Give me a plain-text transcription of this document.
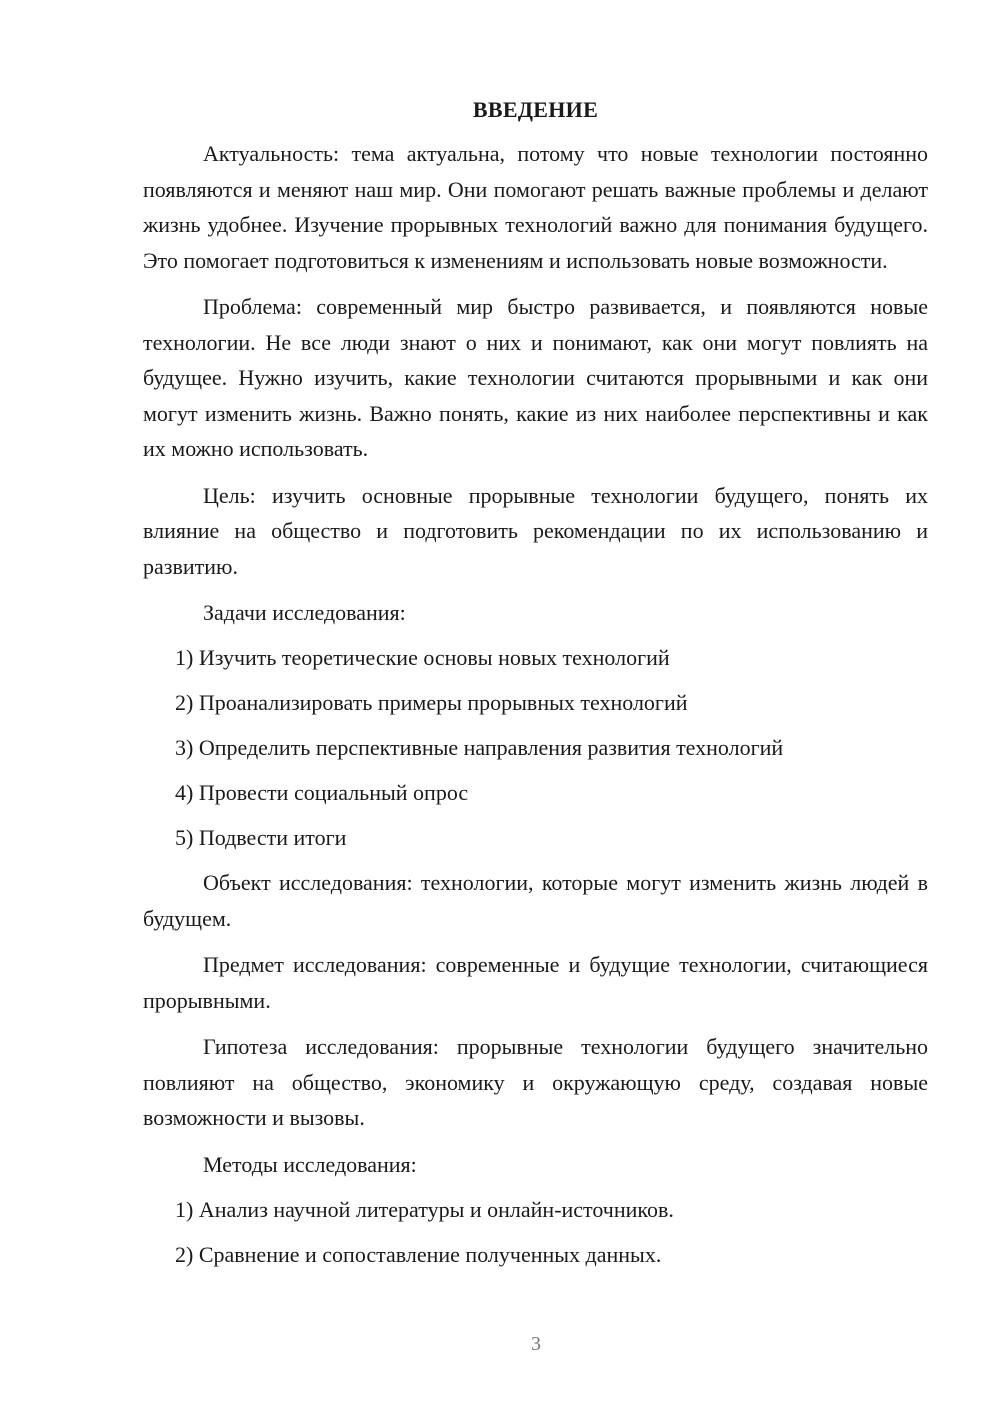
ВВЕДЕНИЕ

Актуальность: тема актуальна, потому что новые технологии постоянно появляются и меняют наш мир. Они помогают решать важные проблемы и делают жизнь удобнее. Изучение прорывных технологий важно для понимания будущего. Это помогает подготовиться к изменениям и использовать новые возможности.

Проблема: современный мир быстро развивается, и появляются новые технологии. Не все люди знают о них и понимают, как они могут повлиять на будущее. Нужно изучить, какие технологии считаются прорывными и как они могут изменить жизнь. Важно понять, какие из них наиболее перспективны и как их можно использовать.

Цель: изучить основные прорывные технологии будущего, понять их влияние на общество и подготовить рекомендации по их использованию и развитию.

Задачи исследования:
1) Изучить теоретические основы новых технологий
2) Проанализировать примеры прорывных технологий
3) Определить перспективные направления развития технологий
4) Провести социальный опрос
5) Подвести итоги

Объект исследования: технологии, которые могут изменить жизнь людей в будущем.

Предмет исследования: современные и будущие технологии, считающиеся прорывными.

Гипотеза исследования: прорывные технологии будущего значительно повлияют на общество, экономику и окружающую среду, создавая новые возможности и вызовы.

Методы исследования:
1) Анализ научной литературы и онлайн-источников.
2) Сравнение и сопоставление полученных данных.
3
